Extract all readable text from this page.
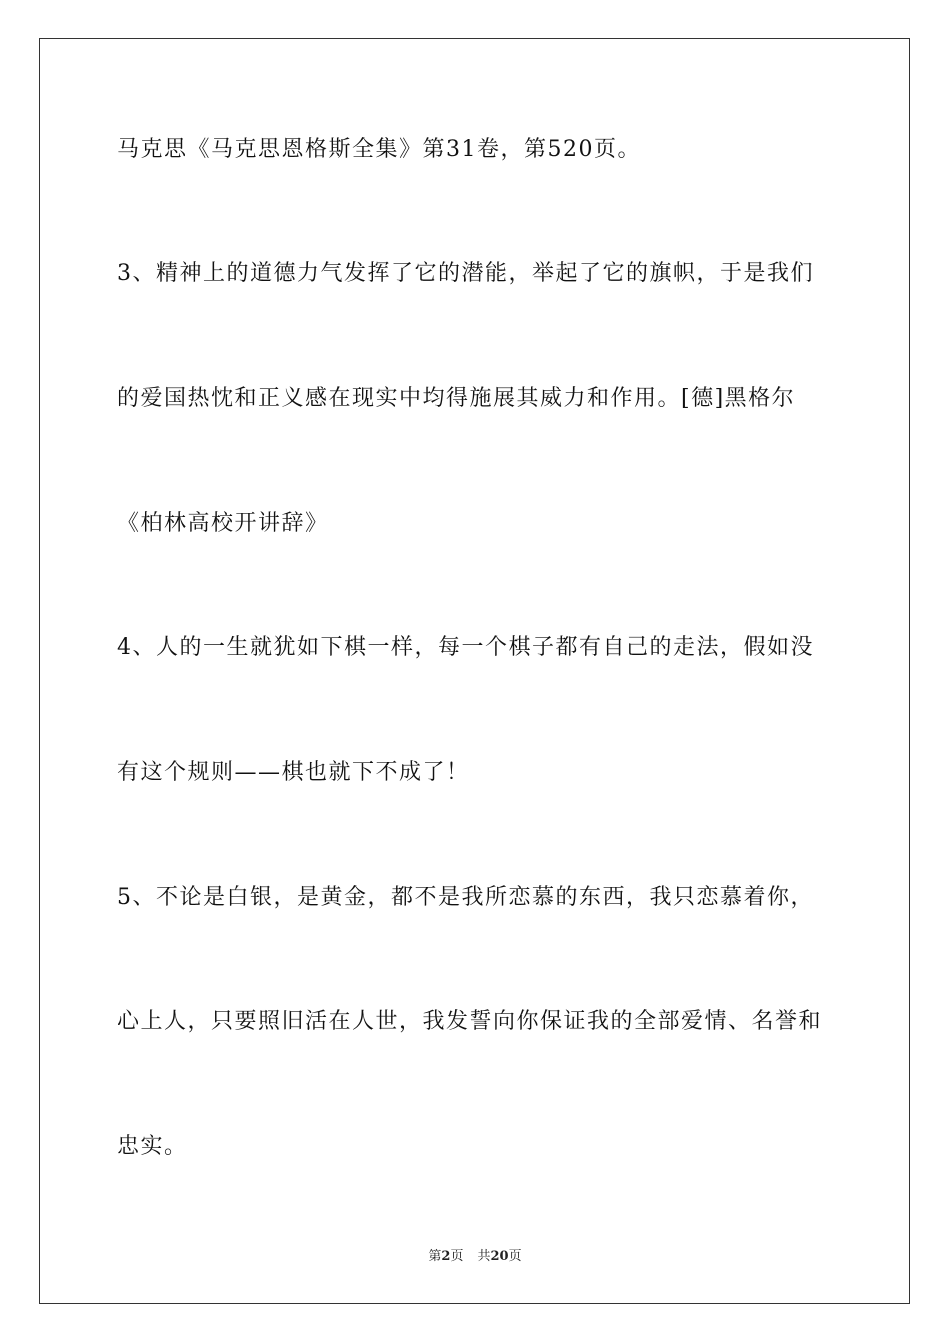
马克思《马克思恩格斯全集》第31卷，第520页。
3、精神上的道德力气发挥了它的潜能，举起了它的旗帜，于是我们
的爱国热忱和正义感在现实中均得施展其威力和作用。[德]黑格尔
《柏林高校开讲辞》
4、人的一生就犹如下棋一样，每一个棋子都有自己的走法，假如没
有这个规则——棋也就下不成了！
5、不论是白银，是黄金，都不是我所恋慕的东西，我只恋慕着你，
心上人，只要照旧活在人世，我发誓向你保证我的全部爱情、名誉和
忠实。
第2页 共20页
